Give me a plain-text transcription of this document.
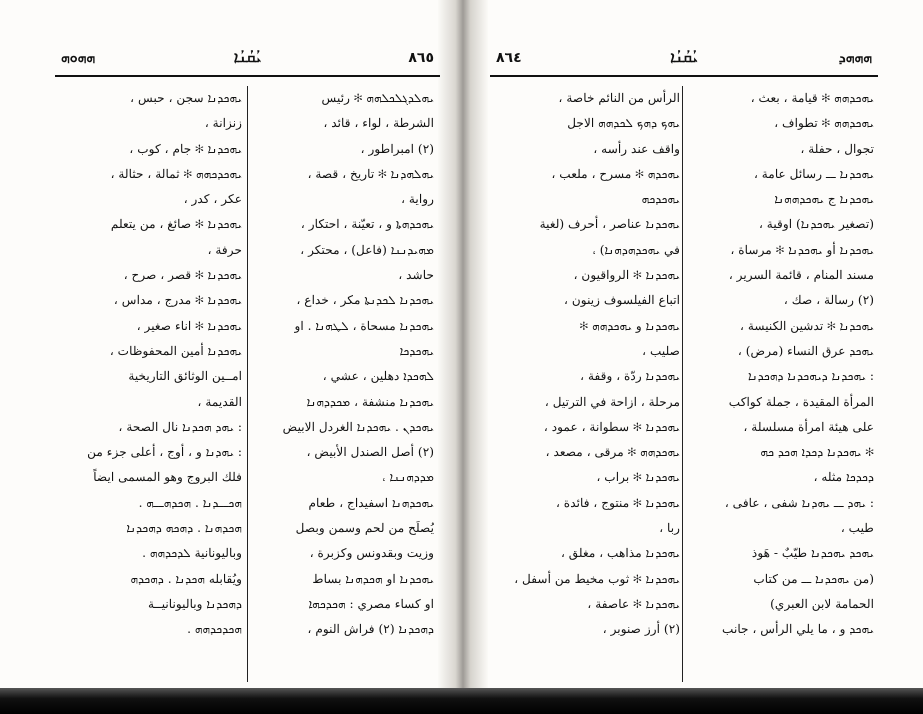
ܗܗܘܗ	ܝܳܩܳܢܳܐ	٨٦٥
ܝܗܠܕܓܠܟܠܗܗ ✻ رئيس
الشرطة ، لواء ، قائد ،
(٢) امبراطور ،
ܝܗܠܗܕܢܐ ✻ تاريخ ، قصة ،
رواية ،
ܝܗܟܕܗܬܐ و ، تعيّنة ، احتكار ،
ܡܗܝܕܢܢܐ (فاعل) ، محتكر ،
حاشد ،
ܝܗܟܕܢܐ ܠܟܕܢܬܐ مكر ، خداع ،
ܝܗܟܕܢܐ مسحاة ، ܠܛܗܢܐ . او
ܝܗܟܕܟܐ
ܠܗܟܕܐ دهلين ، عشي ،
ܝܗܟܕܢܐ منشفة ، ܡܟܕܕܗܢܐ
ܝܗܟܕܢ . ܝܗܟܕܢܐ الغردل الابيض
(٢) أصل الصندل الأبيض ،
ܡܕܕܗܢܢܐ ،
ܝܗܟܕܗܢܐ اسفيداج ، طعام
يُصلَح من لحم وسمن وبصل
وزيت وبقدونس وكزبرة ،
ܝܗܟܕܢܐ او ܗܟܕܗܢܐ بساط
او كساء مصري : ܗܟܕܟܗܐ
ܕܗܟܕܢܐ (٢) فراش النوم ،
ܝܗܟܕܢܐ سجن ، حبس ،
زنزانة ،
ܝܗܟܕܢܐ ✻ جام ، كوب ،
ܝܗܟܕܟܗܗ ✻ ثمالة ، حثالة ،
عكر ، كدر ،
ܝܗܟܕܢܐ ✻ صائغ ، من يتعلم
حرفة ،
ܝܗܟܕܢܐ ✻ قصر ، صرح ،
ܝܗܟܕܢܐ ✻ مدرج ، مداس ،
ܝܗܟܕܢܐ ✻ اناء صغير ،
ܝܗܟܕܢܐ أمين المحفوظات ،
امــين الوثائق التاريخية
القديمة ،
: ܝܗܕ ܗܟܕܢܐ نال الصحة ،
: ܝܗܕܢܐ و ، أوج ، أعلى جزء من
فلك البروج وهو المسمى ايضاً
ܗܟــܕܢܐ . ܗܟܕܗــܗ .
ܗܟܕܗܢܐ . ܕܗܟܗ ܕܗܟܕܢܐ
وباليونانية ܠܕܟܕܗܗ .
ويُقابله ܗܟܕܢܐ . ܕܗܟܕܗ
ܕܗܟܕܢܐ وباليونانيــة
ܗܟܕܟܕܗܗ .
٨٦٤	ܝܳܩܳܢܳܐ	ܗܗܗܕ
ܝܗܟܕܗܗ ✻ قيامة ، بعث ،
ܝܗܟܕܗܗ ✻ تطواف ،
تجوال ، حفلة ،
ܝܗܟܕܢܐ ــ رسائل عامة ،
ܝܗܟܕܢܐ ج ܝܗܟܕܗܗܢܐ
(تصغير ܝܗܟܕܢܐ) اوقية ،
ܝܗܟܕܢܐ أو ܝܗܟܕܢܐ ✻ مرساة ،
مسند المنام ، قائمة السرير ،
(٢) رسالة ، صك ،
ܝܗܟܕܢܐ ✻ تدشين الكنيسة ،
ܝܗܟܕ عرق النساء (مرض) ،
: ܝܗܟܕܢܐ ܕܝܗܟܕܢܐ ܕܗܟܕܢܐ
المرأة المقيدة ، جملة كواكب
على هيئة امرأة مسلسلة ،
✻ ܝܗܟܕܢܐ ܕܟܕܐ ܗܟܕ ܟܗ
ܕܟܕܟܐ مثله ،
: ܝܗܕ ــ ܝܗܕܢܐ شفى ، عافى ،
طيب ،
ܝܗܟܕ ܝܗܟܕܢܐ طيّبٌ - هَوذ
(من ܝܗܟܕܢܐ ــ من كتاب
الحمامة لابن العبري)
ܝܗܟܕ و ، ما يلي الرأس ، جانب
الرأس من النائم خاصة ،
ܝܗܟ ܕܗܟ ܠܟܕܗܗ الاجل
واقف عند رأسه ،
ܝܗܟܕܗ ✻ مسرح ، ملعب ،
ܝܗܟܕܟܗ
ܝܗܟܕܢܐ عناصر ، أحرف (لغية
في ܝܗܟܕܗܕܗܢܐ) ،
ܝܗܟܕܢܐ ✻ الرواقيون ،
اتباع الفيلسوف زينون ،
ܝܗܟܕܢܐ و ܝܗܟܕܗܗ ✻
صليب ،
ܝܗܟܕܢܐ ردّة ، وقفة ،
مرحلة ، ازاحة في الترتيل ،
ܝܗܟܕܢܐ ✻ سطوانة ، عمود ،
ܝܗܟܕܗܗ ✻ مرقى ، مصعد ،
ܝܗܟܕܢܐ ✻ براب ،
ܝܗܟܕܢܐ ✻ منتوج ، فائدة ،
ربا ،
ܝܗܟܕܢܐ مذاهب ، مغلق ،
ܝܗܟܕܢܐ ✻ ثوب مخيط من أسفل ،
ܝܗܟܕܢܐ ✻ عاصفة ،
(٢) أرز صنوبر ،
